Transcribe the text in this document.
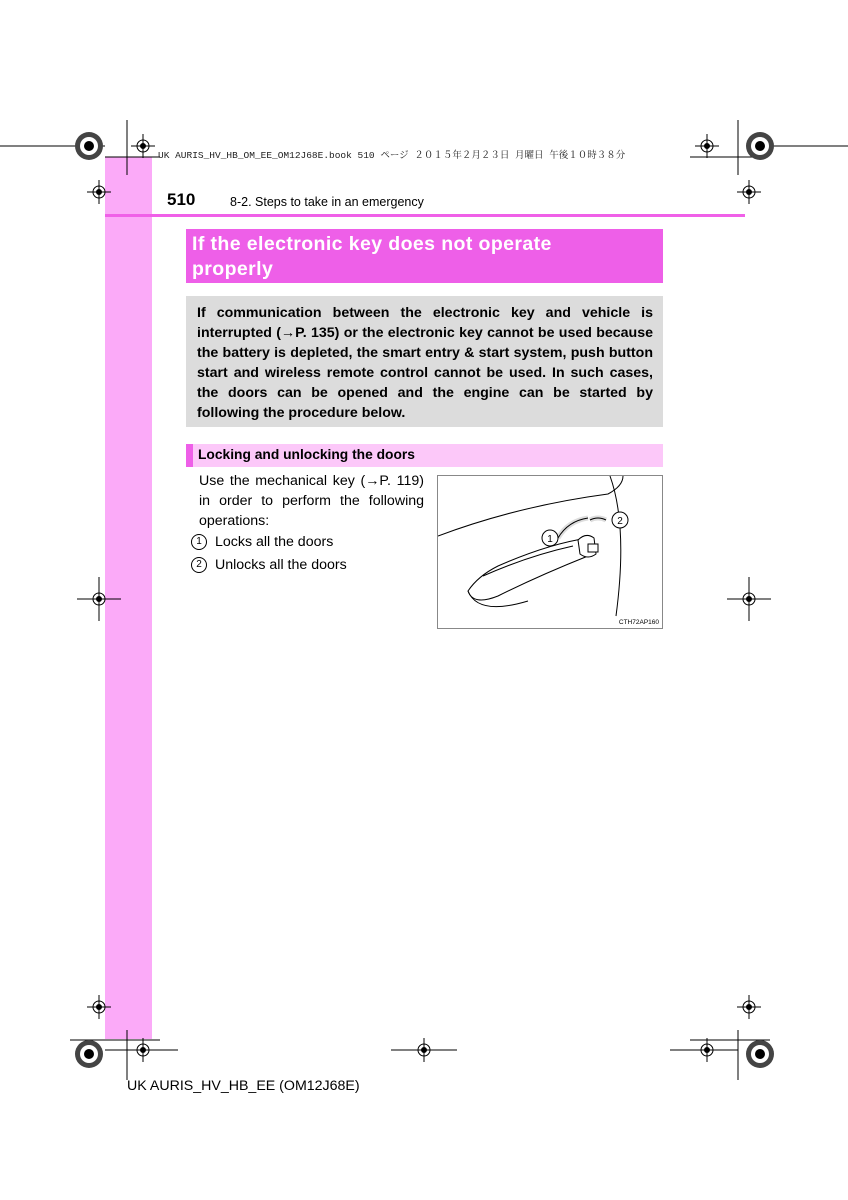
UK AURIS_HV_HB_OM_EE_OM12J68E.book 510 ページ ２０１５年２月２３日 月曜日 午後１０時３８分
510	8-2. Steps to take in an emergency
If the electronic key does not operate
properly
If communication between the electronic key and vehicle is interrupted (→P. 135) or the electronic key cannot be used because the battery is depleted, the smart entry & start system, push button start and wireless remote control cannot be used. In such cases, the doors can be opened and the engine can be started by following the procedure below.
Locking and unlocking the doors
Use the mechanical key (→P. 119) in order to perform the following operations:
1 Locks all the doors
2 Unlocks all the doors
1
2
CTH72AP160
UK AURIS_HV_HB_EE (OM12J68E)
